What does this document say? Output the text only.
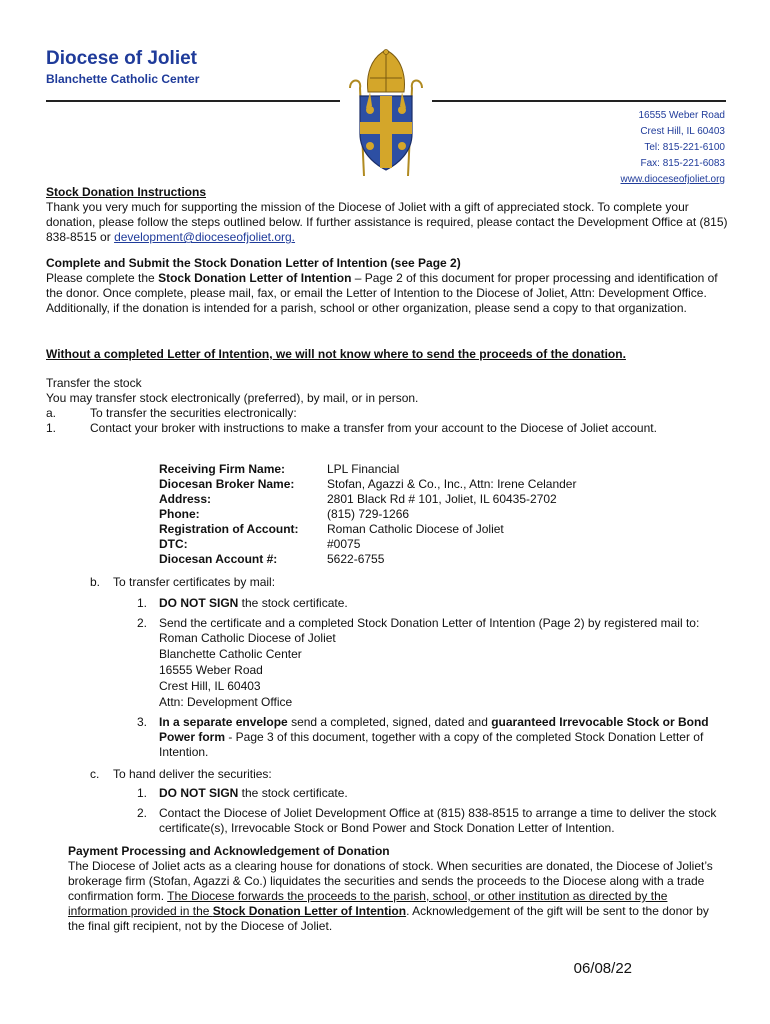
Diocese of Joliet
Blanchette Catholic Center
16555 Weber Road
Crest Hill, IL 60403
Tel: 815-221-6100
Fax: 815-221-6083
www.dioceseofjoliet.org
Stock Donation Instructions
Thank you very much for supporting the mission of the Diocese of Joliet with a gift of appreciated stock. To complete your donation, please follow the steps outlined below. If further assistance is required, please contact the Development Office at (815) 838-8515 or development@dioceseofjoliet.org.
Complete and Submit the Stock Donation Letter of Intention (see Page 2)
Please complete the Stock Donation Letter of Intention – Page 2 of this document for proper processing and identification of the donor. Once complete, please mail, fax, or email the Letter of Intention to the Diocese of Joliet, Attn: Development Office. Additionally, if the donation is intended for a parish, school or other organization, please send a copy to that organization.
Without a completed Letter of Intention, we will not know where to send the proceeds of the donation.
Transfer the stock
You may transfer stock electronically (preferred), by mail, or in person.
a.	To transfer the securities electronically:
1.	Contact your broker with instructions to make a transfer from your account to the Diocese of Joliet account.
Receiving Firm Name:	LPL Financial
Diocesan Broker Name:	Stofan, Agazzi & Co., Inc., Attn: Irene Celander
Address:	2801 Black Rd # 101, Joliet, IL 60435-2702
Phone:	(815) 729-1266
Registration of Account: Roman Catholic Diocese of Joliet
DTC:	#0075
Diocesan Account #:	5622-6755
b. To transfer certificates by mail:
1. DO NOT SIGN the stock certificate.
2. Send the certificate and a completed Stock Donation Letter of Intention (Page 2) by registered mail to:
Roman Catholic Diocese of Joliet
Blanchette Catholic Center
16555 Weber Road
Crest Hill, IL 60403
Attn: Development Office
3. In a separate envelope send a completed, signed, dated and guaranteed Irrevocable Stock or Bond Power form - Page 3 of this document, together with a copy of the completed Stock Donation Letter of Intention.
c. To hand deliver the securities:
1. DO NOT SIGN the stock certificate.
2. Contact the Diocese of Joliet Development Office at (815) 838-8515 to arrange a time to deliver the stock certificate(s), Irrevocable Stock or Bond Power and Stock Donation Letter of Intention.
Payment Processing and Acknowledgement of Donation
The Diocese of Joliet acts as a clearing house for donations of stock. When securities are donated, the Diocese of Joliet’s brokerage firm (Stofan, Agazzi & Co.) liquidates the securities and sends the proceeds to the Diocese along with a trade confirmation form. The Diocese forwards the proceeds to the parish, school, or other institution as directed by the information provided in the Stock Donation Letter of Intention. Acknowledgement of the gift will be sent to the donor by the final gift recipient, not by the Diocese of Joliet.
06/08/22
